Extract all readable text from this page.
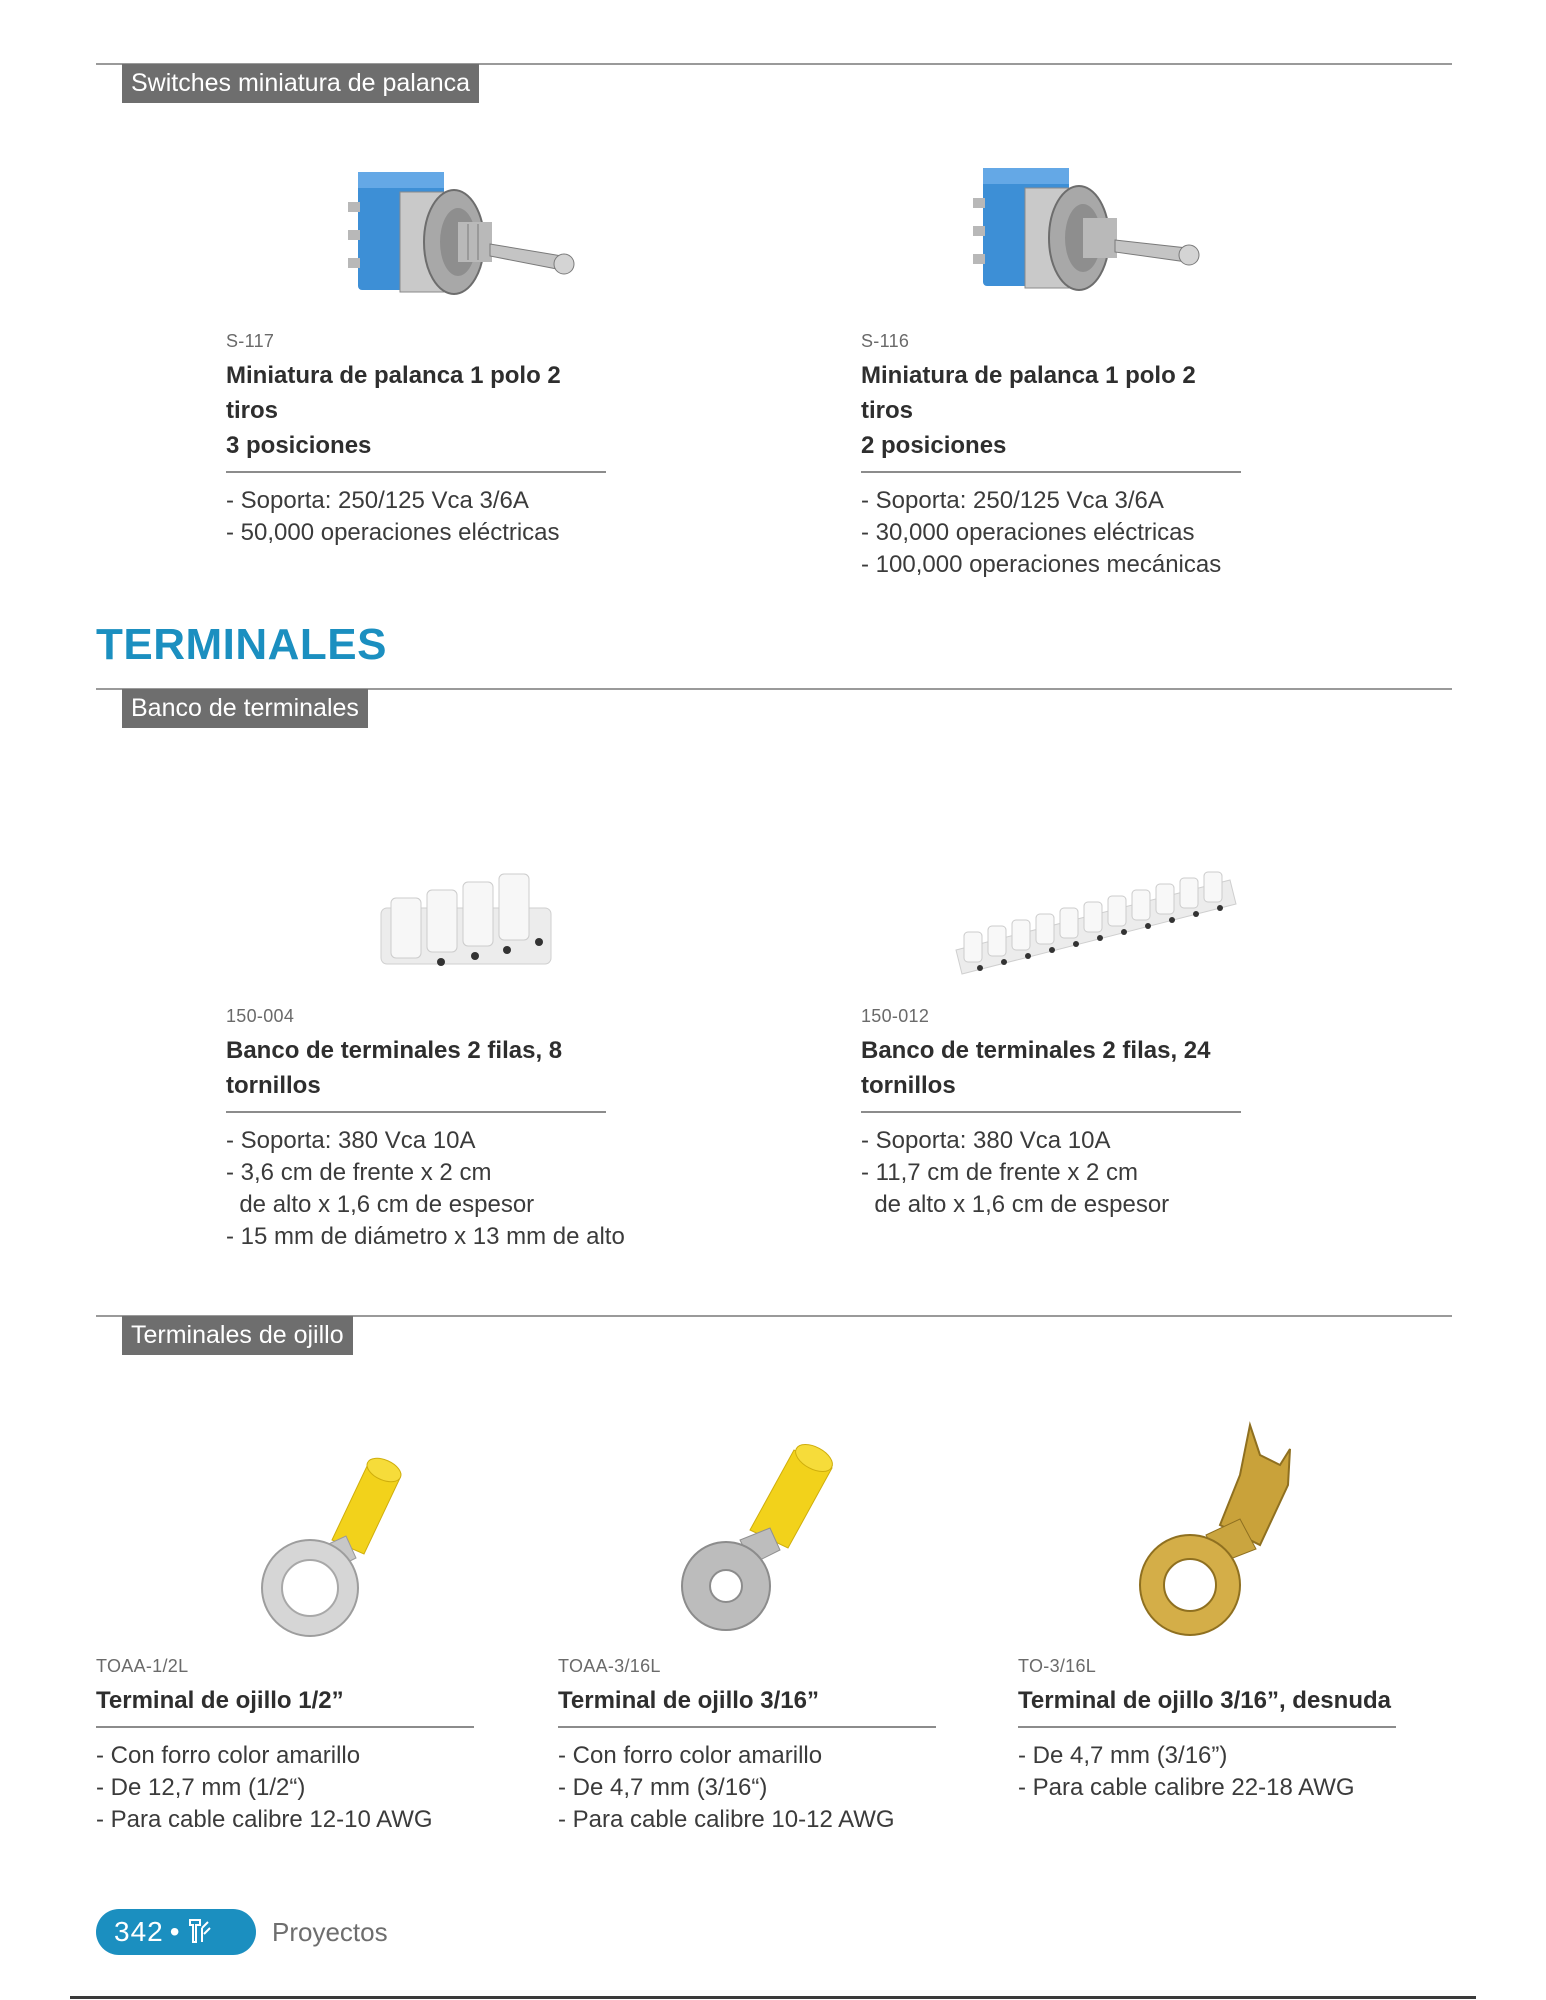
Switches miniatura de palanca
S-117
Miniatura de palanca 1 polo 2 tiros
3 posiciones
- Soporta: 250/125 Vca 3/6A
- 50,000 operaciones eléctricas
S-116
Miniatura de palanca 1 polo 2 tiros
2 posiciones
- Soporta: 250/125 Vca 3/6A
- 30,000 operaciones eléctricas
- 100,000 operaciones mecánicas
TERMINALES
Banco de terminales
150-004
Banco de terminales 2 filas, 8 tornillos
- Soporta: 380 Vca 10A
- 3,6 cm de frente x 2 cm
de alto x 1,6 cm de espesor
- 15 mm de diámetro x 13 mm de alto
150-012
Banco de terminales 2 filas, 24 tornillos
- Soporta: 380 Vca 10A
- 11,7 cm de frente x 2 cm
de alto x 1,6 cm de espesor
Terminales de ojillo
TOAA-1/2L
Terminal de ojillo 1/2”
- Con forro color amarillo
- De 12,7 mm (1/2“)
- Para cable calibre 12-10 AWG
TOAA-3/16L
Terminal de ojillo 3/16”
- Con forro color amarillo
- De 4,7 mm (3/16“)
- Para cable calibre 10-12 AWG
TO-3/16L
Terminal de ojillo 3/16”, desnuda
- De 4,7 mm (3/16”)
- Para cable calibre 22-18 AWG
342 •	Proyectos
